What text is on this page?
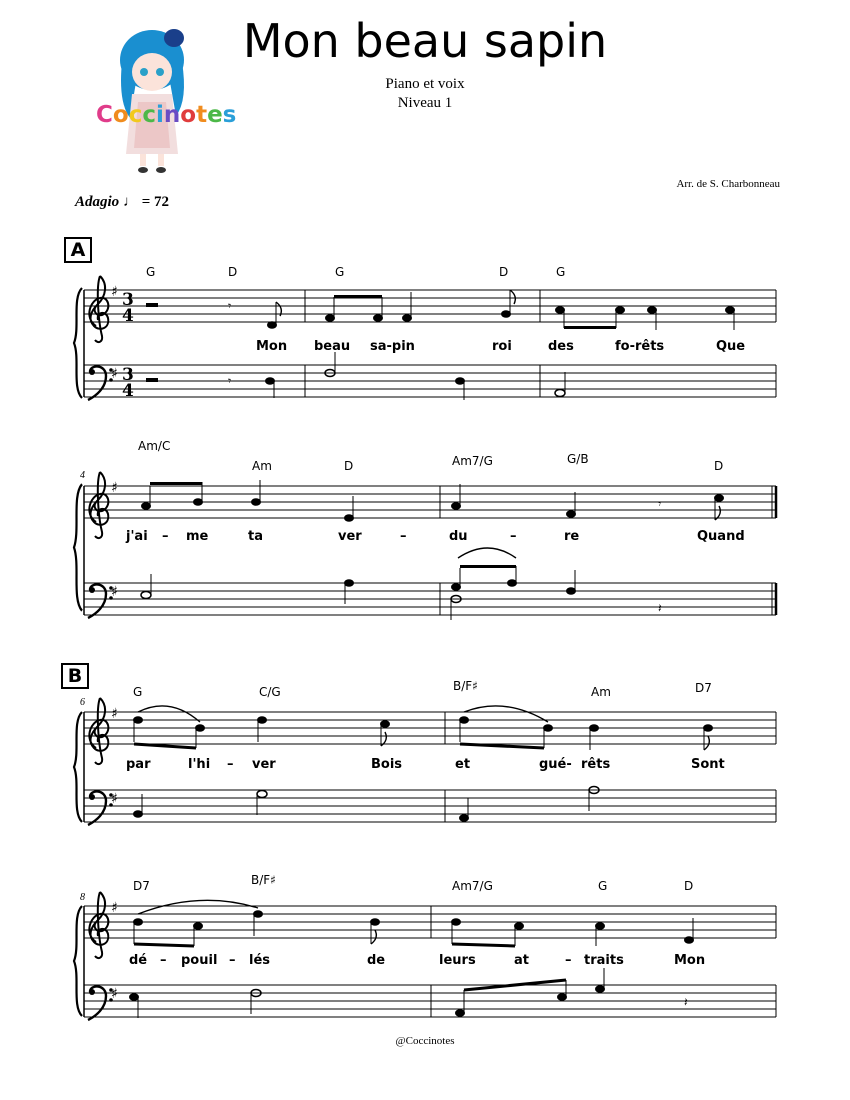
Coccinotes
Mon beau sapin
Piano et voix
Niveau 1
Arr. de S. Charbonneau
Adagio ♩ = 72
A
B
♯
♯
3
4
3
4
𝄾
𝄾
G	D	G	D	G
Mon beau sa-pin	roi	des	fo-rêts	Que
4
♯
♯
𝄾
𝄽
Am/C
Am	D	Am7/G	G/B	D
j'ai – me	ta	ver	–	du	–	re	Quand
6
♯
♯
G	C/G	B/F♯	Am	D7
par	l'hi – ver	Bois	et	gué- rêts	Sont
8
♯
♯	𝄽
D7	B/F♯	Am7/G	G	D
dé – pouil – lés	de	leurs	at	– traits	Mon
@Coccinotes
